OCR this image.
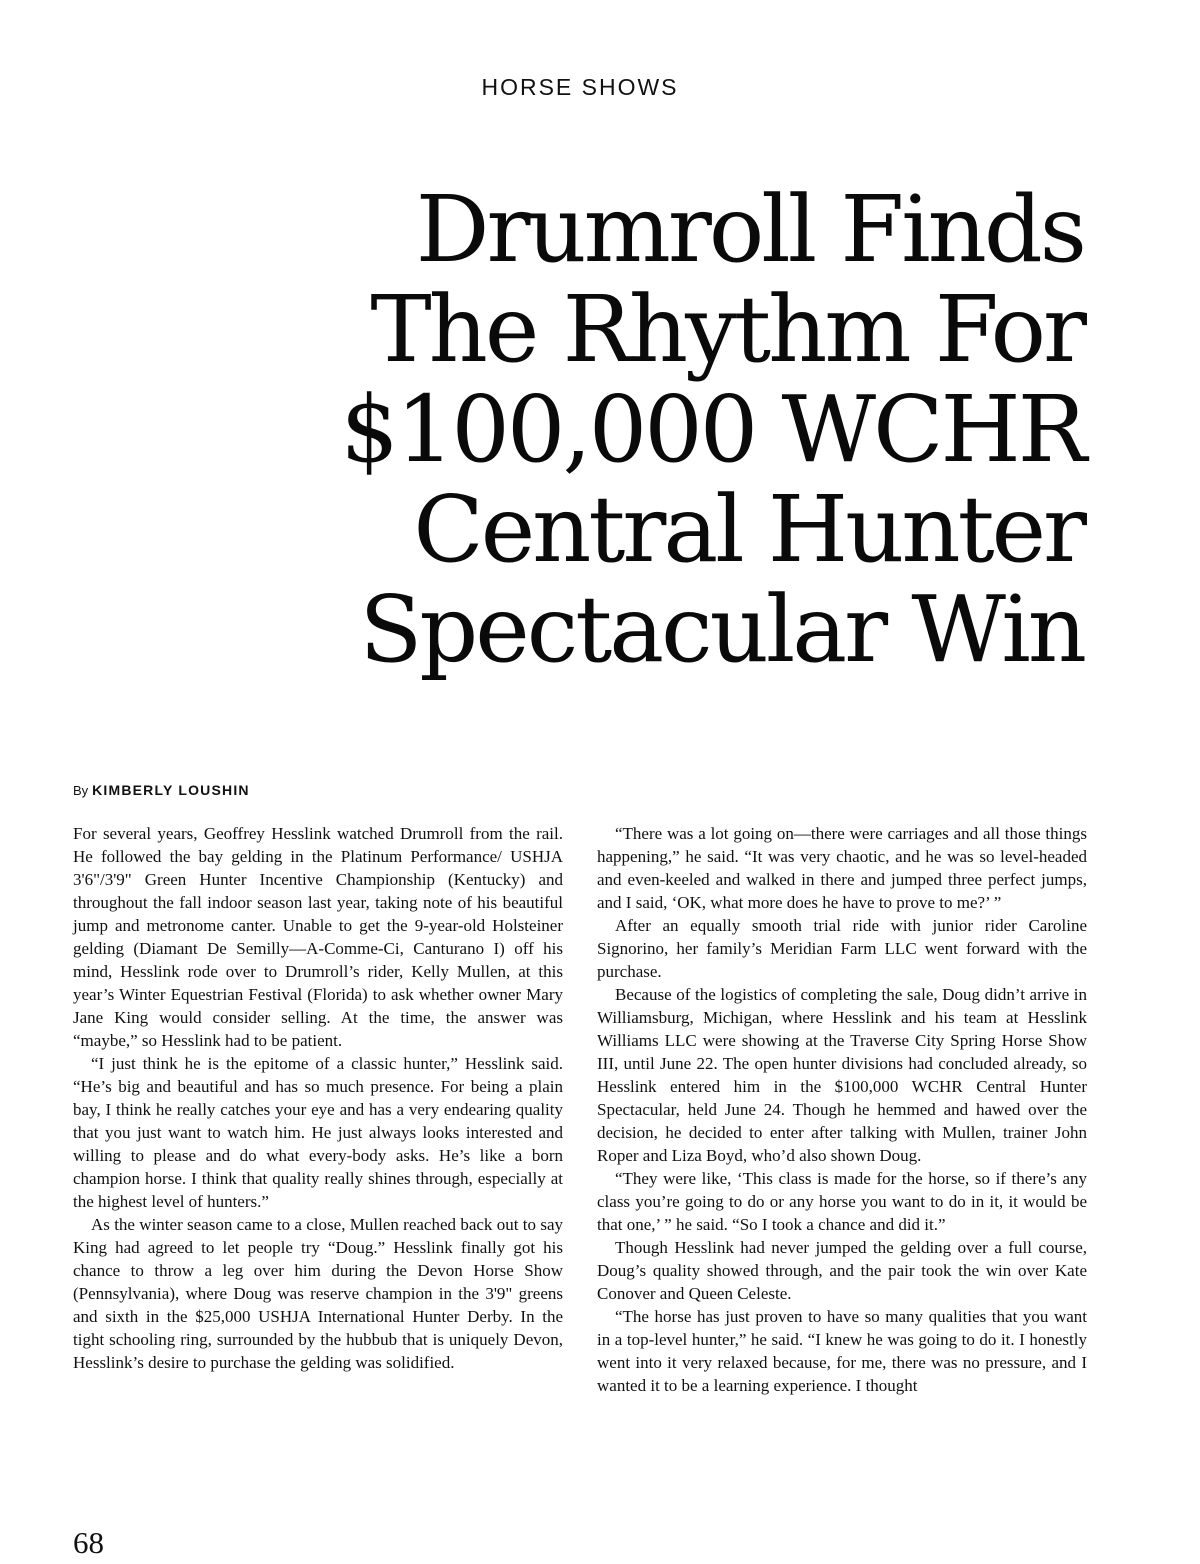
HORSE SHOWS
Drumroll Finds
The Rhythm For
$100,000 WCHR
Central Hunter
Spectacular Win
By KIMBERLY LOUSHIN

For several years, Geoffrey Hesslink watched Drumroll from the rail. He followed the bay gelding in the Platinum Performance/ USHJA 3'6"/3'9" Green Hunter Incentive Championship (Kentucky) and throughout the fall indoor season last year, taking note of his beautiful jump and metronome canter. Unable to get the 9-year-old Holsteiner gelding (Diamant De Semilly—A-Comme-Ci, Canturano I) off his mind, Hesslink rode over to Drumroll’s rider, Kelly Mullen, at this year’s Winter Equestrian Festival (Florida) to ask whether owner Mary Jane King would consider selling. At the time, the answer was “maybe,” so Hesslink had to be patient.

“I just think he is the epitome of a classic hunter,” Hesslink said. “He’s big and beautiful and has so much presence. For being a plain bay, I think he really catches your eye and has a very endearing quality that you just want to watch him. He just always looks interested and willing to please and do what every-body asks. He’s like a born champion horse. I think that quality really shines through, especially at the highest level of hunters.”

As the winter season came to a close, Mullen reached back out to say King had agreed to let people try “Doug.” Hesslink finally got his chance to throw a leg over him during the Devon Horse Show (Pennsylvania), where Doug was reserve champion in the 3'9" greens and sixth in the $25,000 USHJA International Hunter Derby. In the tight schooling ring, surrounded by the hubbub that is uniquely Devon, Hesslink’s desire to purchase the gelding was solidified.

“There was a lot going on—there were carriages and all those things happening,” he said. “It was very chaotic, and he was so level-headed and even-keeled and walked in there and jumped three perfect jumps, and I said, ‘OK, what more does he have to prove to me?’ ”

After an equally smooth trial ride with junior rider Caroline Signorino, her family’s Meridian Farm LLC went forward with the purchase.

Because of the logistics of completing the sale, Doug didn’t arrive in Williamsburg, Michigan, where Hesslink and his team at Hesslink Williams LLC were showing at the Traverse City Spring Horse Show III, until June 22. The open hunter divisions had concluded already, so Hesslink entered him in the $100,000 WCHR Central Hunter Spectacular, held June 24. Though he hemmed and hawed over the decision, he decided to enter after talking with Mullen, trainer John Roper and Liza Boyd, who’d also shown Doug.

“They were like, ‘This class is made for the horse, so if there’s any class you’re going to do or any horse you want to do in it, it would be that one,’ ” he said. “So I took a chance and did it.”

Though Hesslink had never jumped the gelding over a full course, Doug’s quality showed through, and the pair took the win over Kate Conover and Queen Celeste.

“The horse has just proven to have so many qualities that you want in a top-level hunter,” he said. “I knew he was going to do it. I honestly went into it very relaxed because, for me, there was no pressure, and I wanted it to be a learning experience. I thought

68
